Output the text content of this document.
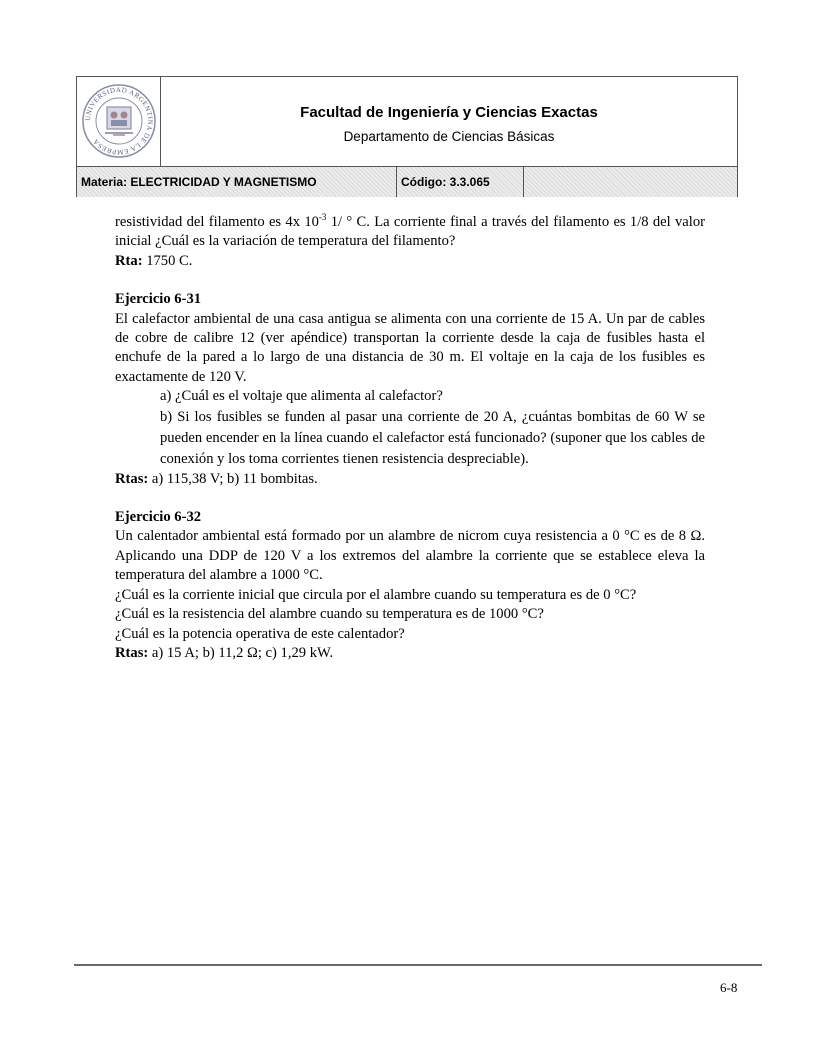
UNIVERSIDAD ARGENTINA DE LA EMPRESA
Facultad de Ingeniería y Ciencias Exactas
Departamento de Ciencias Básicas
Materia: ELECTRICIDAD Y MAGNETISMO	Código: 3.3.065

resistividad del filamento es 4x $10^{-3}$ 1/ ° C. La corriente final a través del filamento es 1/8 del valor inicial ¿Cuál es la variación de temperatura del filamento?

Rta: 1750 C.

Ejercicio 6-31

El calefactor ambiental de una casa antigua se alimenta con una corriente de 15 A. Un par de cables de cobre de calibre 12 (ver apéndice) transportan la corriente desde la caja de fusibles hasta el enchufe de la pared a lo largo de una distancia de 30 m. El voltaje en la caja de los fusibles es exactamente de 120 V.

a) ¿Cuál es el voltaje que alimenta al calefactor?

b) Si los fusibles se funden al pasar una corriente de 20 A, ¿cuántas bombitas de 60 W se pueden encender en la línea cuando el calefactor está funcionado? (suponer que los cables de conexión y los toma corrientes tienen resistencia despreciable).

Rtas: a) 115,38 V; b) 11 bombitas.

Ejercicio 6-32

Un calentador ambiental está formado por un alambre de nicrom cuya resistencia a 0 °C es de 8 Ω. Aplicando una DDP de 120 V a los extremos del alambre la corriente que se establece eleva la temperatura del alambre a 1000 °C.

¿Cuál es la corriente inicial que circula por el alambre cuando su temperatura es de 0 °C?

¿Cuál es la resistencia del alambre cuando su temperatura es de 1000 °C?

¿Cuál es la potencia operativa de este calentador?

Rtas: a) 15 A; b) 11,2 Ω; c) 1,29 kW.

6-8
